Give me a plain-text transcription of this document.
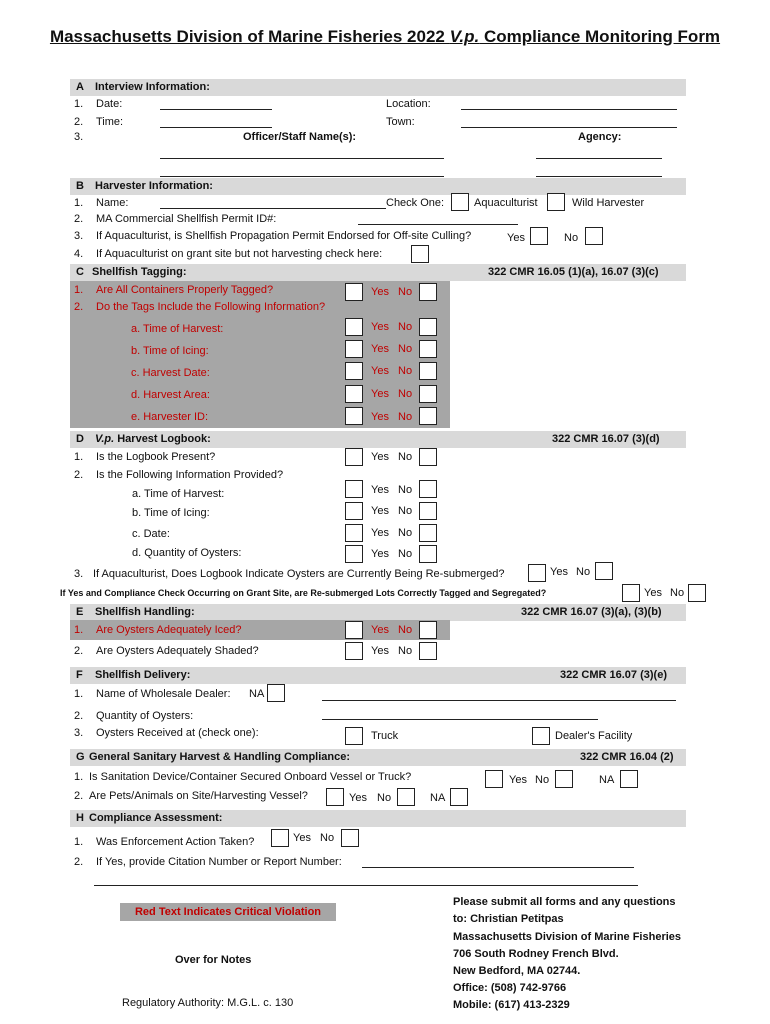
Massachusetts Division of Marine Fisheries 2022 V.p. Compliance Monitoring Form
A Interview Information:
1. Date:	Location:
2. Time:	Town:
3.	Officer/Staff Name(s):	Agency:
B Harvester Information:
1. Name:	Check One:	Aquaculturist	Wild Harvester
2. MA Commercial Shellfish Permit ID#:
3. If Aquaculturist, is Shellfish Propagation Permit Endorsed for Off-site Culling?	Yes	No
4. If Aquaculturist on grant site but not harvesting check here:
C Shellfish Tagging:	322 CMR 16.05 (1)(a), 16.07 (3)(c)
1. Are All Containers Properly Tagged?	Yes No
2. Do the Tags Include the Following Information?
a. Time of Harvest:	Yes No
b. Time of Icing:	Yes No
c. Harvest Date:	Yes No
d. Harvest Area:	Yes No
e. Harvester ID:	Yes No
D V.p. Harvest Logbook:	322 CMR 16.07 (3)(d)
1. Is the Logbook Present?	Yes No
2. Is the Following Information Provided?
a. Time of Harvest:	Yes No
b. Time of Icing:	Yes No
c. Date:	Yes No
d. Quantity of Oysters:	Yes No
3. If Aquaculturist, Does Logbook Indicate Oysters are Currently Being Re-submerged?	Yes No
If Yes and Compliance Check Occurring on Grant Site, are Re-submerged Lots Correctly Tagged and Segregated?	Yes No
E Shellfish Handling:	322 CMR 16.07 (3)(a), (3)(b)
1. Are Oysters Adequately Iced?	Yes No
2. Are Oysters Adequately Shaded?	Yes No
F Shellfish Delivery:	322 CMR 16.07 (3)(e)
1. Name of Wholesale Dealer: NA
2. Quantity of Oysters:
3. Oysters Received at (check one):	Truck	Dealer's Facility
G General Sanitary Harvest & Handling Compliance:	322 CMR 16.04 (2)
1. Is Sanitation Device/Container Secured Onboard Vessel or Truck?	Yes No	NA
2. Are Pets/Animals on Site/Harvesting Vessel?	Yes No	NA
H Compliance Assessment:
1. Was Enforcement Action Taken?	Yes No
2. If Yes, provide Citation Number or Report Number:
Red Text Indicates Critical Violation
Over for Notes
Regulatory Authority: M.G.L. c. 130
Please submit all forms and any questions
to: Christian Petitpas
Massachusetts Division of Marine Fisheries
706 South Rodney French Blvd.
New Bedford, MA 02744.
Office: (508) 742-9766
Mobile: (617) 413-2329
